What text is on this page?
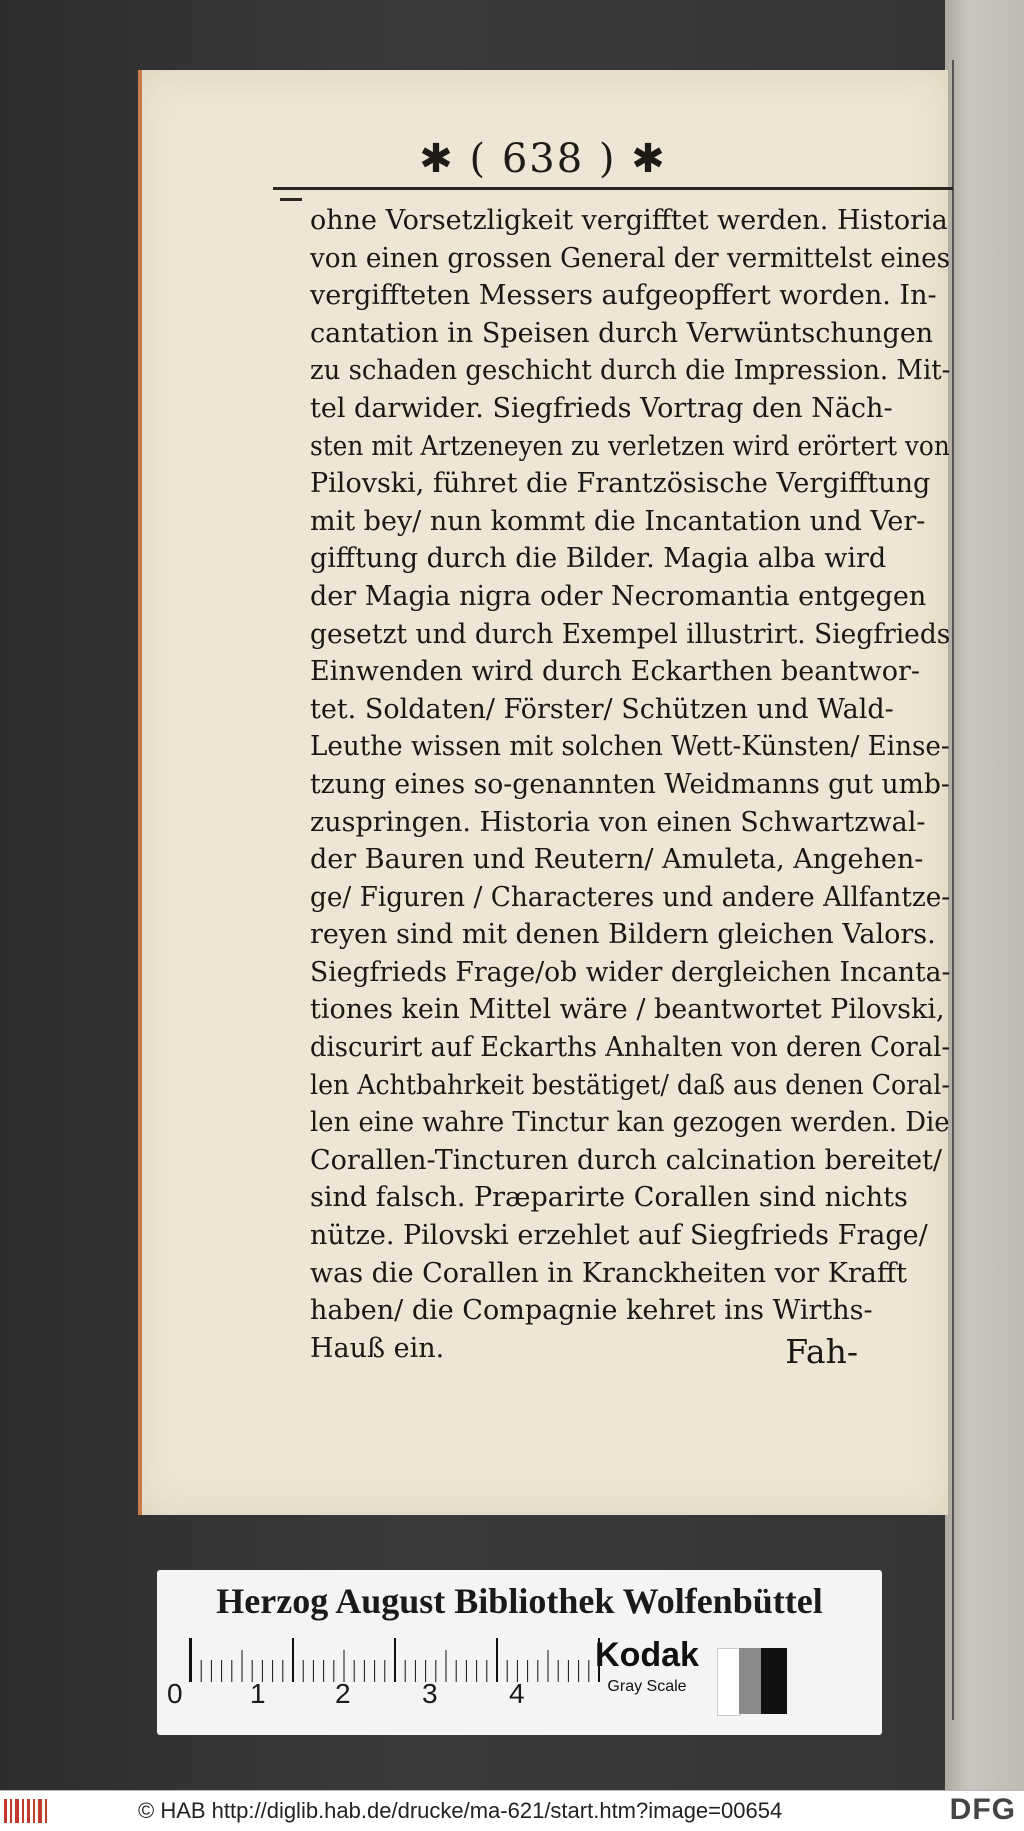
✱ ( 638 ) ✱
ohne Vorsetzligkeit vergifftet werden. Historia
von einen grossen General der vermittelst eines
vergiffteten Messers aufgeopffert worden. In-
cantation in Speisen durch Verwüntschungen
zu schaden geschicht durch die Impression. Mit-
tel darwider. Siegfrieds Vortrag den Näch-
sten mit Artzeneyen zu verletzen wird erörtert von
Pilovski, führet die Frantzösische Vergifftung
mit bey/ nun kommt die Incantation und Ver-
gifftung durch die Bilder. Magia alba wird
der Magia nigra oder Necromantia entgegen
gesetzt und durch Exempel illustrirt. Siegfrieds
Einwenden wird durch Eckarthen beantwor-
tet. Soldaten/ Förster/ Schützen und Wald-
Leuthe wissen mit solchen Wett-Künsten/ Einse-
tzung eines so-genannten Weidmanns gut umb-
zuspringen. Historia von einen Schwartzwal-
der Bauren und Reutern/ Amuleta, Angehen-
ge/ Figuren / Characteres und andere Allfantze-
reyen sind mit denen Bildern gleichen Valors.
Siegfrieds Frage/ob wider dergleichen Incanta-
tiones kein Mittel wäre / beantwortet Pilovski,
discurirt auf Eckarths Anhalten von deren Coral-
len Achtbahrkeit bestätiget/ daß aus denen Coral-
len eine wahre Tinctur kan gezogen werden. Die
Corallen-Tincturen durch calcination bereitet/
sind falsch. Præparirte Corallen sind nichts
nütze. Pilovski erzehlet auf Siegfrieds Frage/
was die Corallen in Kranckheiten vor Krafft
haben/ die Compagnie kehret ins Wirths-
Hauß ein.	Fah-
Herzog August Bibliothek Wolfenbüttel
0 1 2	3	4
Kodak
Gray Scale
© HAB http://diglib.hab.de/drucke/ma-621/start.htm?image=00654	DFG
